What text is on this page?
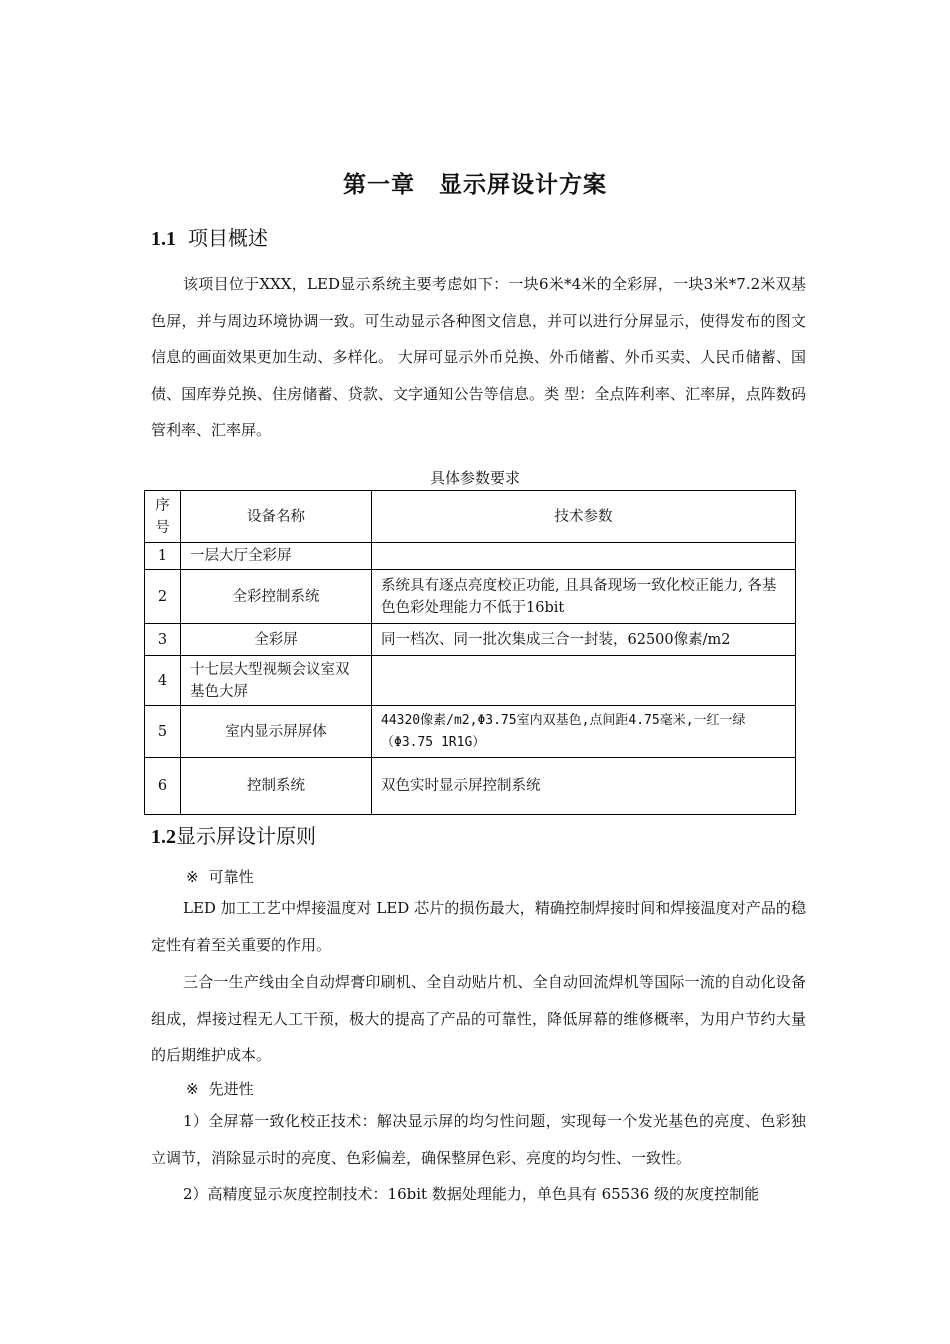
第一章 显示屏设计方案
1.1 项目概述

该项目位于XXX，LED显示系统主要考虑如下：一块6米*4米的全彩屏，一块3米*7.2米双基色屏，并与周边环境协调一致。可生动显示各种图文信息，并可以进行分屏显示，使得发布的图文信息的画面效果更加生动、多样化。 大屏可显示外币兑换、外币储蓄、外币买卖、人民币储蓄、国债、国库券兑换、住房储蓄、贷款、文字通知公告等信息。类 型：全点阵利率、汇率屏，点阵数码管利率、汇率屏。

具体参数要求
序号	设备名称	技术参数
1	一层大厅全彩屏	
2	全彩控制系统	系统具有逐点亮度校正功能, 且具备现场一致化校正能力, 各基色色彩处理能力不低于16bit
3	全彩屏	同一档次、同一批次集成三合一封装，62500像素/m2
4	十七层大型视频会议室双基色大屏	
5	室内显示屏屏体	44320像素/m2,Φ3.75室内双基色,点间距4.75毫米,一红一绿（Φ3.75 1R1G）
6	控制系统	双色实时显示屏控制系统
1.2显示屏设计原则
※ 可靠性

LED 加工工艺中焊接温度对 LED 芯片的损伤最大，精确控制焊接时间和焊接温度对产品的稳定性有着至关重要的作用。

三合一生产线由全自动焊膏印刷机、全自动贴片机、全自动回流焊机等国际一流的自动化设备组成，焊接过程无人工干预，极大的提高了产品的可靠性，降低屏幕的维修概率，为用户节约大量的后期维护成本。

※ 先进性

1）全屏幕一致化校正技术：解决显示屏的均匀性问题，实现每一个发光基色的亮度、色彩独立调节，消除显示时的亮度、色彩偏差，确保整屏色彩、亮度的均匀性、一致性。

2）高精度显示灰度控制技术：16bit 数据处理能力，单色具有 65536 级的灰度控制能
